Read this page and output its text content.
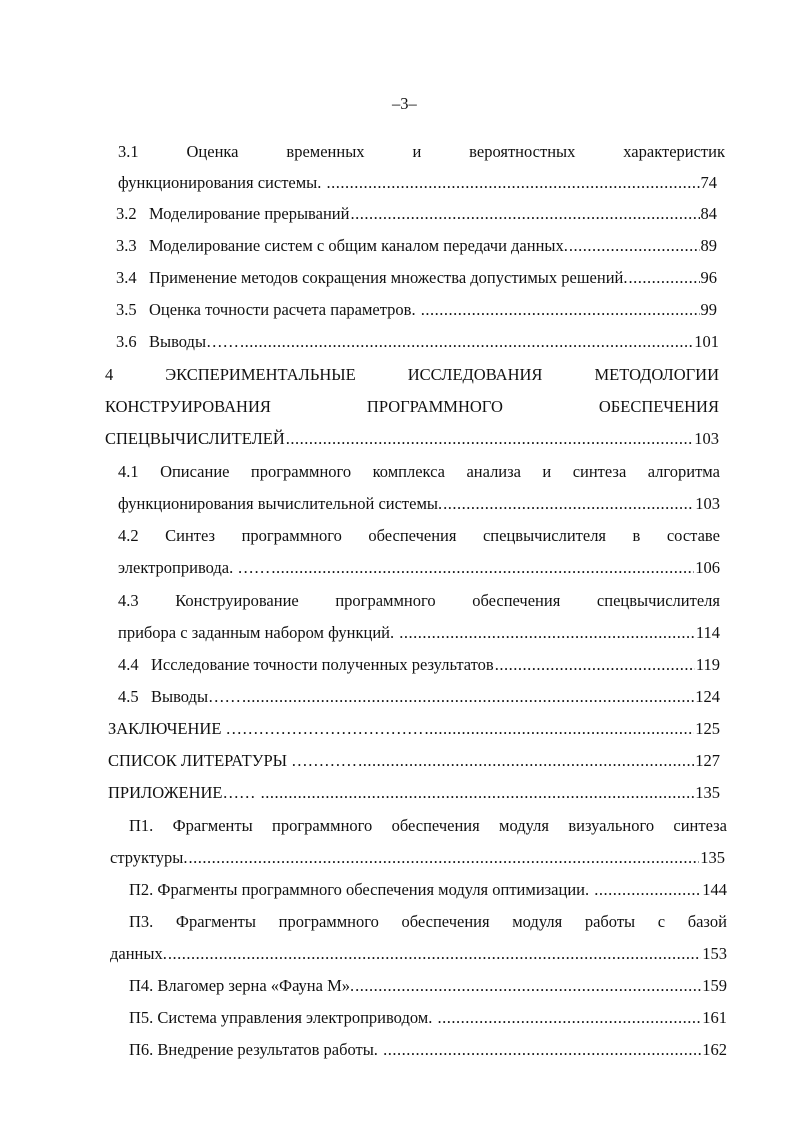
–3–
3.1	Оценка	временных	и	вероятностных	характеристик
функционирования системы. .....	74
3.2   Моделирование прерываний .....	84
3.3   Моделирование систем с общим каналом передачи данных. .....	89
3.4   Применение методов сокращения множества допустимых решений. .....	96
3.5   Оценка точности расчета параметров. .....	99
3.6   Выводы…… .....	101
4	ЭКСПЕРИМЕНТАЛЬНЫЕ	ИССЛЕДОВАНИЯ	МЕТОДОЛОГИИ
КОНСТРУИРОВАНИЯ	ПРОГРАММНОГО	ОБЕСПЕЧЕНИЯ
СПЕЦВЫЧИСЛИТЕЛЕЙ .....	103
4.1 Описание программного комплекса анализа и синтеза алгоритма
функционирования вычислительной системы. .....	103
4.2 Синтез программного обеспечения спецвычислителя в составе
электропривода. …… .....	106
4.3 Конструирование программного обеспечения спецвычислителя
прибора с заданным набором функций. .....	114
4.4   Исследование точности полученных результатов .....	119
4.5   Выводы…… .....	124
ЗАКЛЮЧЕНИЕ ……………………………… .....	125
СПИСОК ЛИТЕРАТУРЫ ………… .....	127
ПРИЛОЖЕНИЕ…… .....	135
П1. Фрагменты программного обеспечения модуля визуального синтеза
структуры. .....	135
П2. Фрагменты программного обеспечения модуля оптимизации. .....	144
П3. Фрагменты программного обеспечения модуля работы с базой
данных. .....	153
П4. Влагомер зерна «Фауна М». .....	159
П5. Система управления электроприводом. .....	161
П6. Внедрение результатов работы. .....	162
